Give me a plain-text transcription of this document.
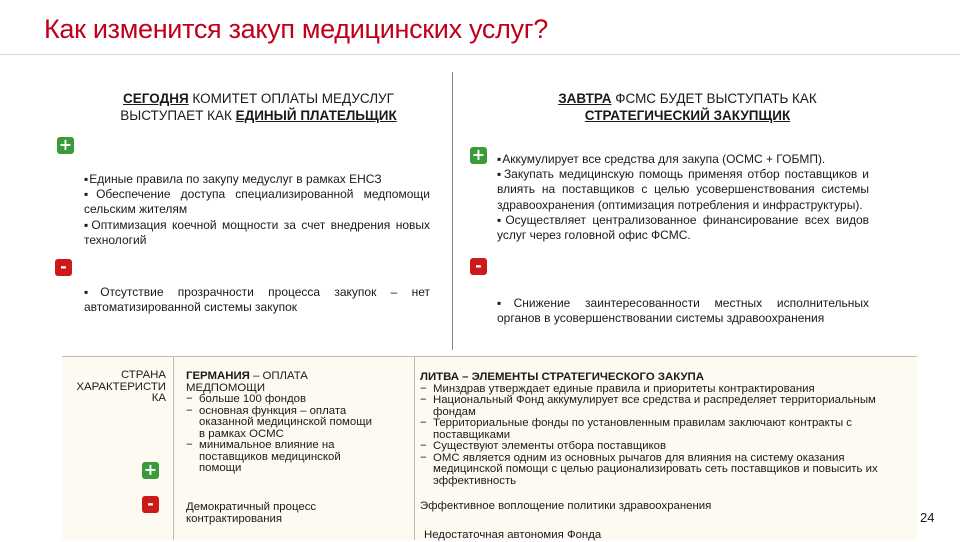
Как изменится закуп медицинских услуг?
СЕГОДНЯ КОМИТЕТ ОПЛАТЫ МЕДУСЛУГ ВЫСТУПАЕТ КАК ЕДИНЫЙ ПЛАТЕЛЬЩИК
+
▪ Единые правила по закупу медуслуг в рамках ЕНСЗ
▪ Обеспечение доступа специализированной медпомощи сельским жителям
▪ Оптимизация коечной мощности за счет внедрения новых технологий
-
▪ Отсутствие прозрачности процесса закупок – нет автоматизированной системы закупок
ЗАВТРА ФСМС БУДЕТ ВЫСТУПАТЬ КАК СТРАТЕГИЧЕСКИЙ ЗАКУПЩИК
+
▪	Аккумулирует все средства для закупа (ОСМС + ГОБМП).
▪ Закупать медицинскую помощь применяя отбор поставщиков и влиять на поставщиков с целью усовершенствования системы здравоохранения (оптимизация потребления и инфраструктуры).
▪ Осуществляет централизованное финансирование всех видов услуг через головной офис ФСМС.
-
▪ Снижение заинтересованности местных исполнительных органов в усовершенствовании системы здравоохранения
СТРАНА
ХАРАКТЕРИСТИ
КА
+
-
ГЕРМАНИЯ – ОПЛАТА МЕДПОМОЩИ
− больше 100 фондов
− основная функция – оплата оказанной медицинской помощи в рамках ОСМС
− минимальное влияние на поставщиков медицинской помощи
Демократичный процесс контрактирования
ЛИТВА – ЭЛЕМЕНТЫ СТРАТЕГИЧЕСКОГО ЗАКУПА
− Минздрав утверждает единые правила и приоритеты контрактирования
− Национальный Фонд аккумулирует все средства и распределяет территориальным фондам
− Территориальные фонды по установленным правилам заключают контракты с поставщиками
− Существуют элементы отбора поставщиков
− ОМС является одним из основных рычагов для влияния на систему оказания медицинской помощи с целью рационализировать сеть поставщиков и повысить их эффективность
Эффективное воплощение политики здравоохранения
Недостаточная автономия Фонда
24
